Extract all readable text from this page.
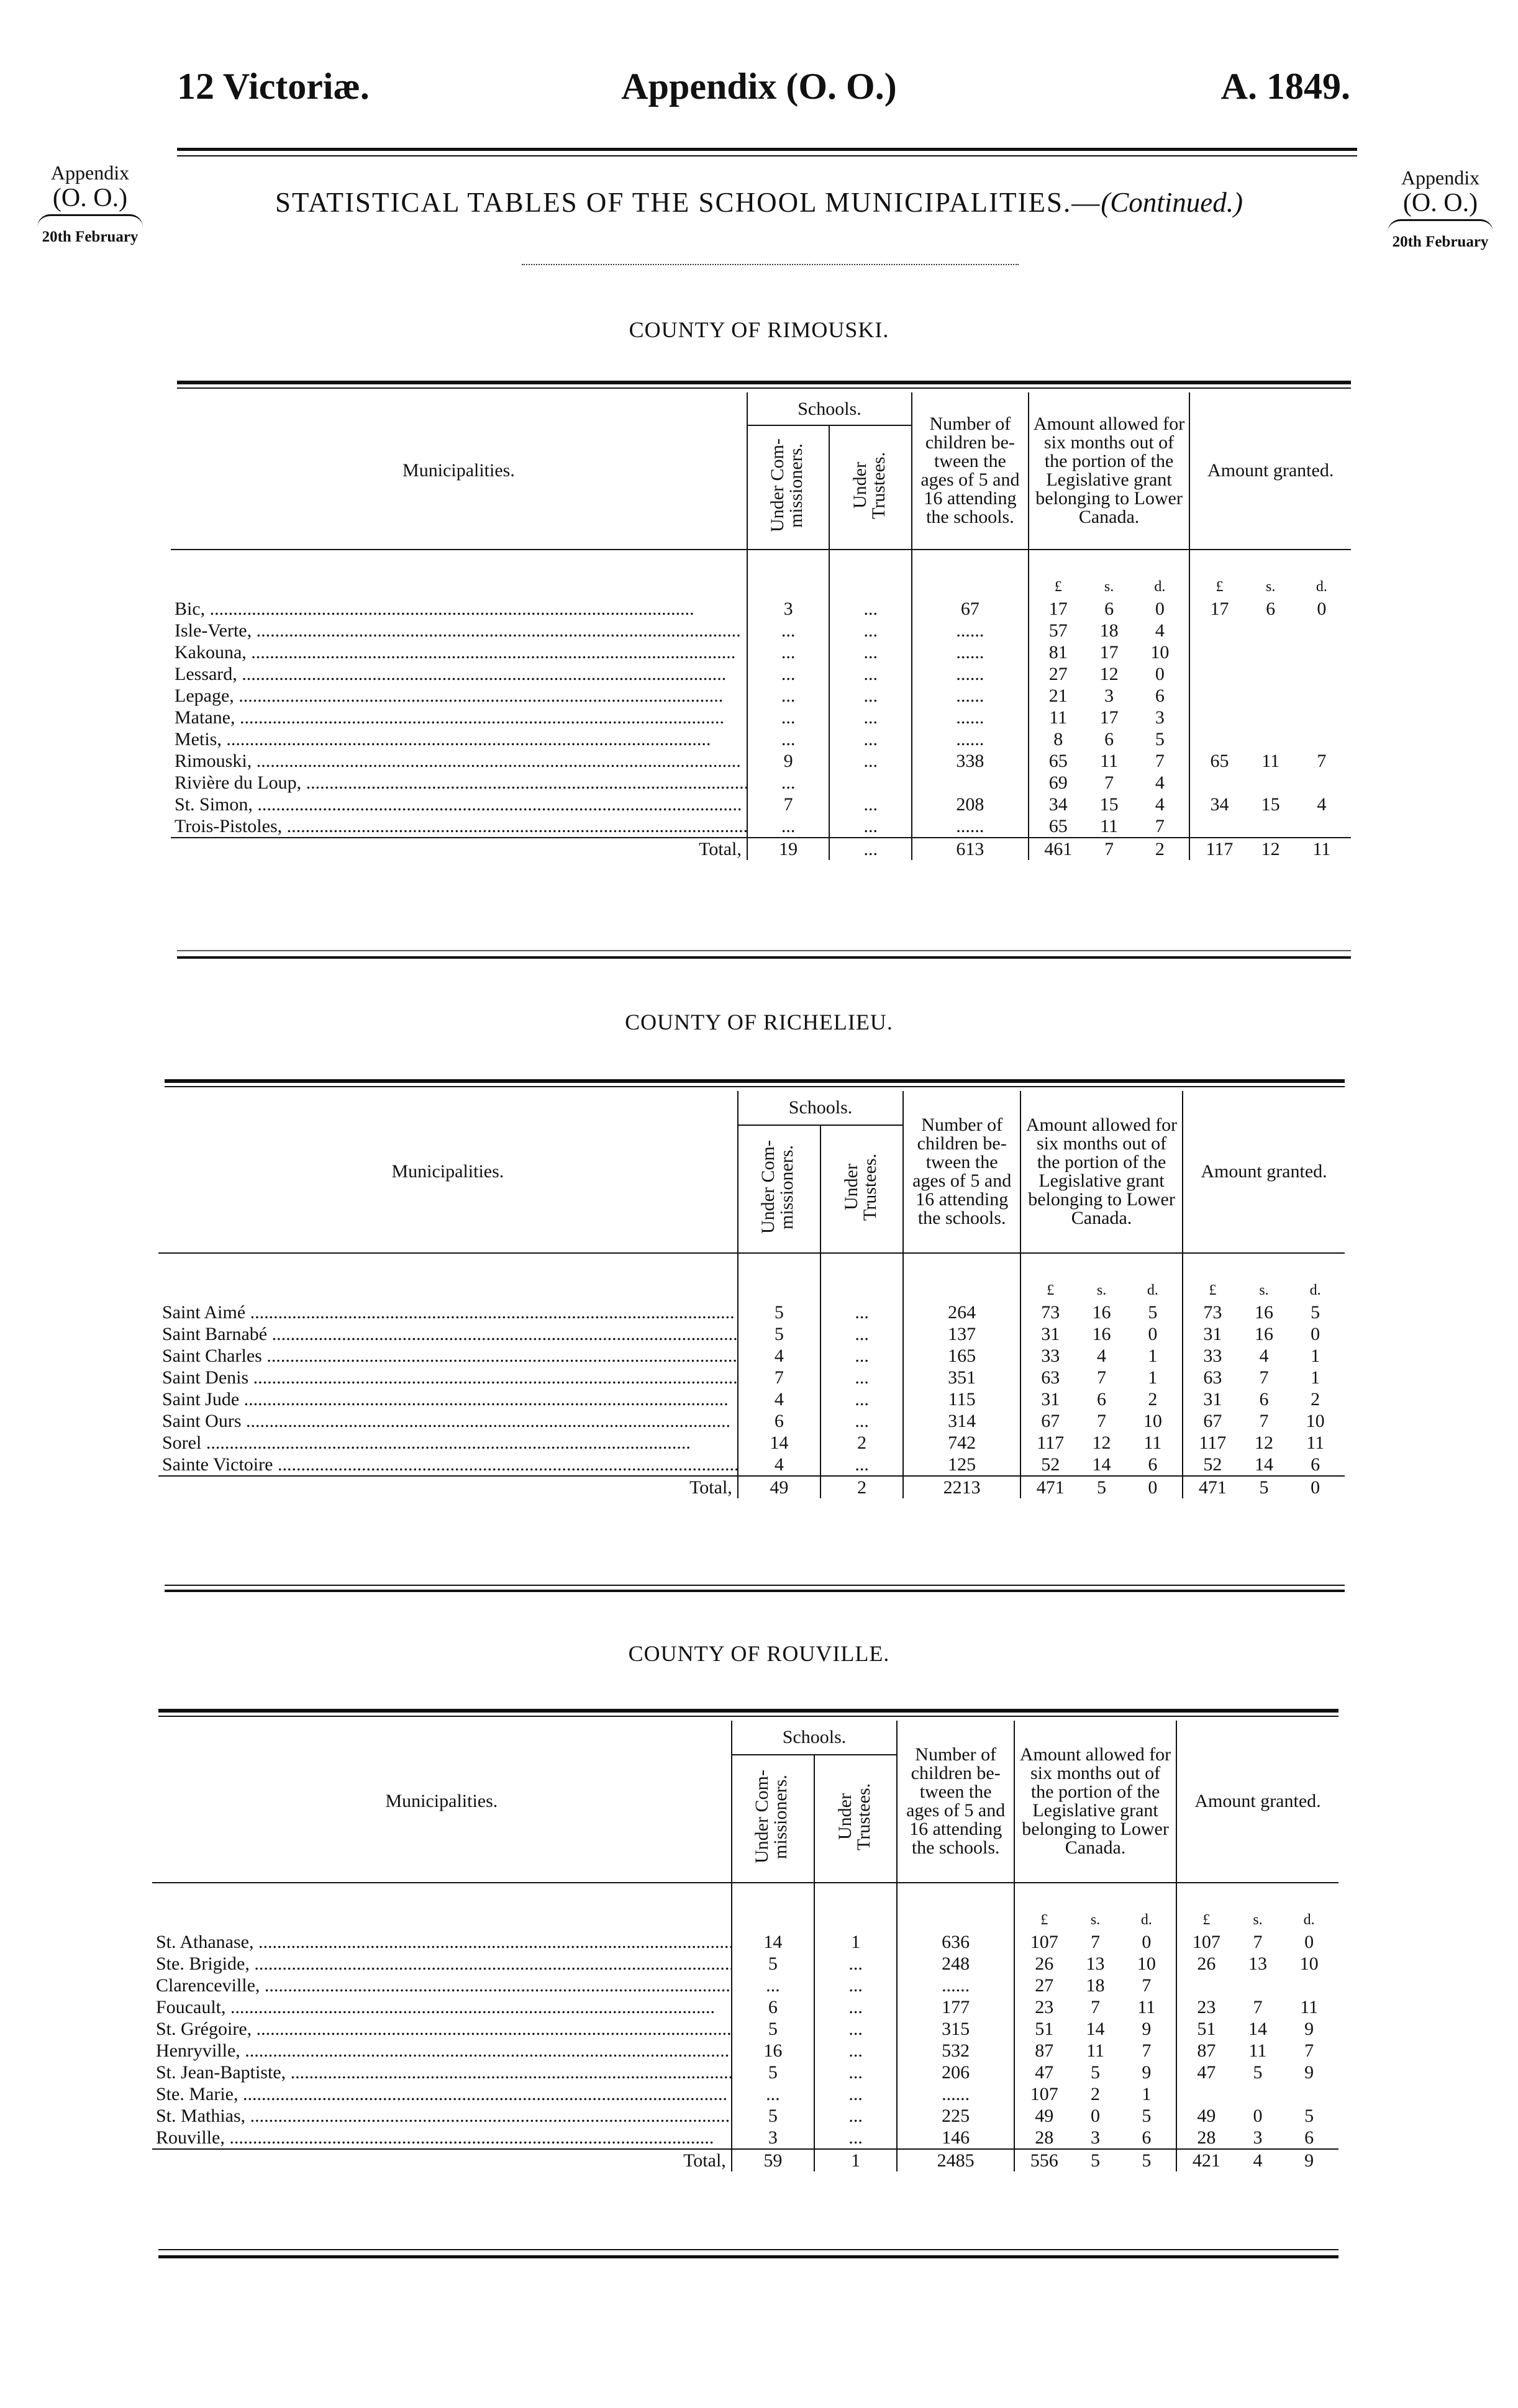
12 Victoriæ.	Appendix (O. O.)	A. 1849.
Appendix
(O. O.)
20th February
Appendix
(O. O.)
20th February
STATISTICAL TABLES OF THE SCHOOL MUNICIPALITIES.—(Continued.)
COUNTY OF RIMOUSKI.
COUNTY OF RICHELIEU.
COUNTY OF ROUVILLE.
Municipalities.	Schools.		Number of children be-tween the ages of 5 and 16 attending the schools.	Amount allowed for six months out of the portion of the Legislative grant belonging to Lower Canada.	Amount granted.
	Under Com-missioners.	Under Trustees.			

				£ s. d.	£ s. d.

Bic, .....	3	...	67	17 6 0	17 6 0

Isle-Verte, .....	...	...	......	57 18 4	

Kakouna, .....	...	...	......	81 17 10	

Lessard, .....	...	...	......	27 12 0	

Lepage, .....	...	...	......	21 3 6	

Matane, .....	...	...	......	11 17 3	

Metis, .....	...	...	......	8 6 5	

Rimouski, .....	9	...	338	65 11 7	65 11 7

Rivière du Loup, .....	...			69 7 4	

St. Simon, .....	7	...	208	34 15 4	34 15 4

Trois-Pistoles, .....	...	...	......	65 11 7	

Total,	19	...	613	461 7 2	117 12 11
Municipalities.	Schools.		Number of children be-tween the ages of 5 and 16 attending the schools.	Amount allowed for six months out of the portion of the Legislative grant belonging to Lower Canada.	Amount granted.
	Under Com-missioners.	Under Trustees.			

				£ s. d.	£ s. d.

Saint Aimé .....	5	...	264	73 16 5	73 16 5

Saint Barnabé .....	5	...	137	31 16 0	31 16 0

Saint Charles .....	4	...	165	33 4 1	33 4 1

Saint Denis .....	7	...	351	63 7 1	63 7 1

Saint Jude .....	4	...	115	31 6 2	31 6 2

Saint Ours .....	6	...	314	67 7 10	67 7 10

Sorel .....	14	2	742	117 12 11	117 12 11

Sainte Victoire .....	4	...	125	52 14 6	52 14 6

Total,	49	2	2213	471 5 0	471 5 0
Municipalities.	Schools.		Number of children be-tween the ages of 5 and 16 attending the schools.	Amount allowed for six months out of the portion of the Legislative grant belonging to Lower Canada.	Amount granted.
	Under Com-missioners.	Under Trustees.			

				£ s. d.	£ s. d.

St. Athanase, .....	14	1	636	107 7 0	107 7 0

Ste. Brigide, .....	5	...	248	26 13 10	26 13 10

Clarenceville, .....	...	...	......	27 18 7	

Foucault, .....	6	...	177	23 7 11	23 7 11

St. Grégoire, .....	5	...	315	51 14 9	51 14 9

Henryville, .....	16	...	532	87 11 7	87 11 7

St. Jean-Baptiste, .....	5	...	206	47 5 9	47 5 9

Ste. Marie, .....	...	...	......	107 2 1	

St. Mathias, .....	5	...	225	49 0 5	49 0 5

Rouville, .....	3	...	146	28 3 6	28 3 6

Total,	59	1	2485	556 5 5	421 4 9
